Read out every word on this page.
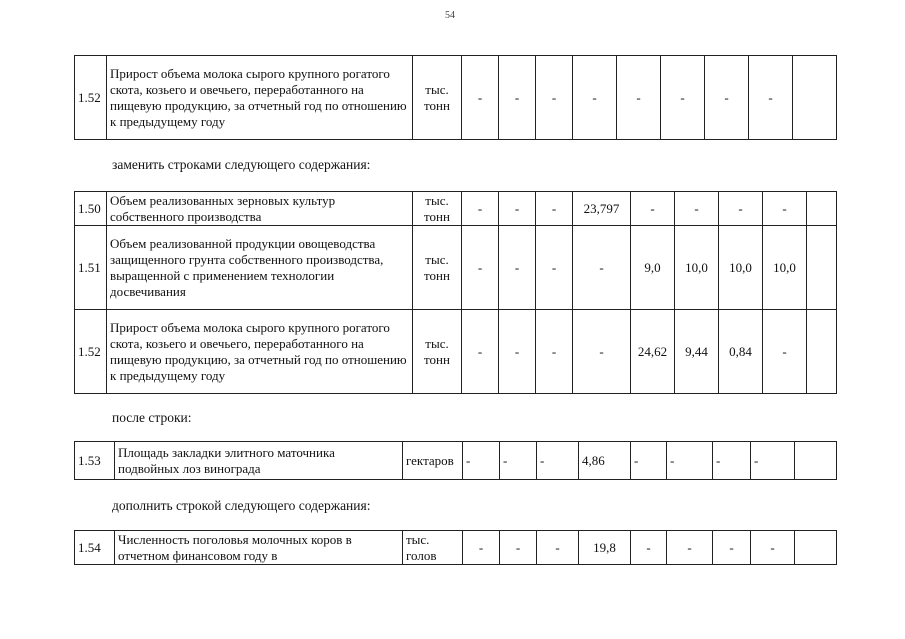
54
1.52	Прирост объема молока сырого крупного рогатого скота, козьего и овечьего, переработанного на пищевую продукцию, за отчетный год по отношению к предыдущему году	тыс. тонн	-	-	-	-	-	-	-	-	
заменить строками следующего содержания:
1.50	Объем реализованных зерновых культур собственного производства	тыс. тонн	-	-	-	23,797	-	-	-	-	
1.51	Объем реализованной продукции овощеводства защищенного грунта собственного производства, выращенной с применением технологии досвечивания	тыс. тонн	-	-	-	-	9,0	10,0	10,0	10,0	
1.52	Прирост объема молока сырого крупного рогатого скота, козьего и овечьего, переработанного на пищевую продукцию, за отчетный год по отношению к предыдущему году	тыс. тонн	-	-	-	-	24,62	9,44	0,84	-	
после строки:
1.53	Площадь закладки элитного маточника подвойных лоз винограда	гектаров	-	-	-	4,86	-	-	-	-	
дополнить строкой следующего содержания:
1.54	Численность поголовья молочных коров в отчетном финансовом году в	тыс. голов	-	-	-	19,8	-	-	-	-	
